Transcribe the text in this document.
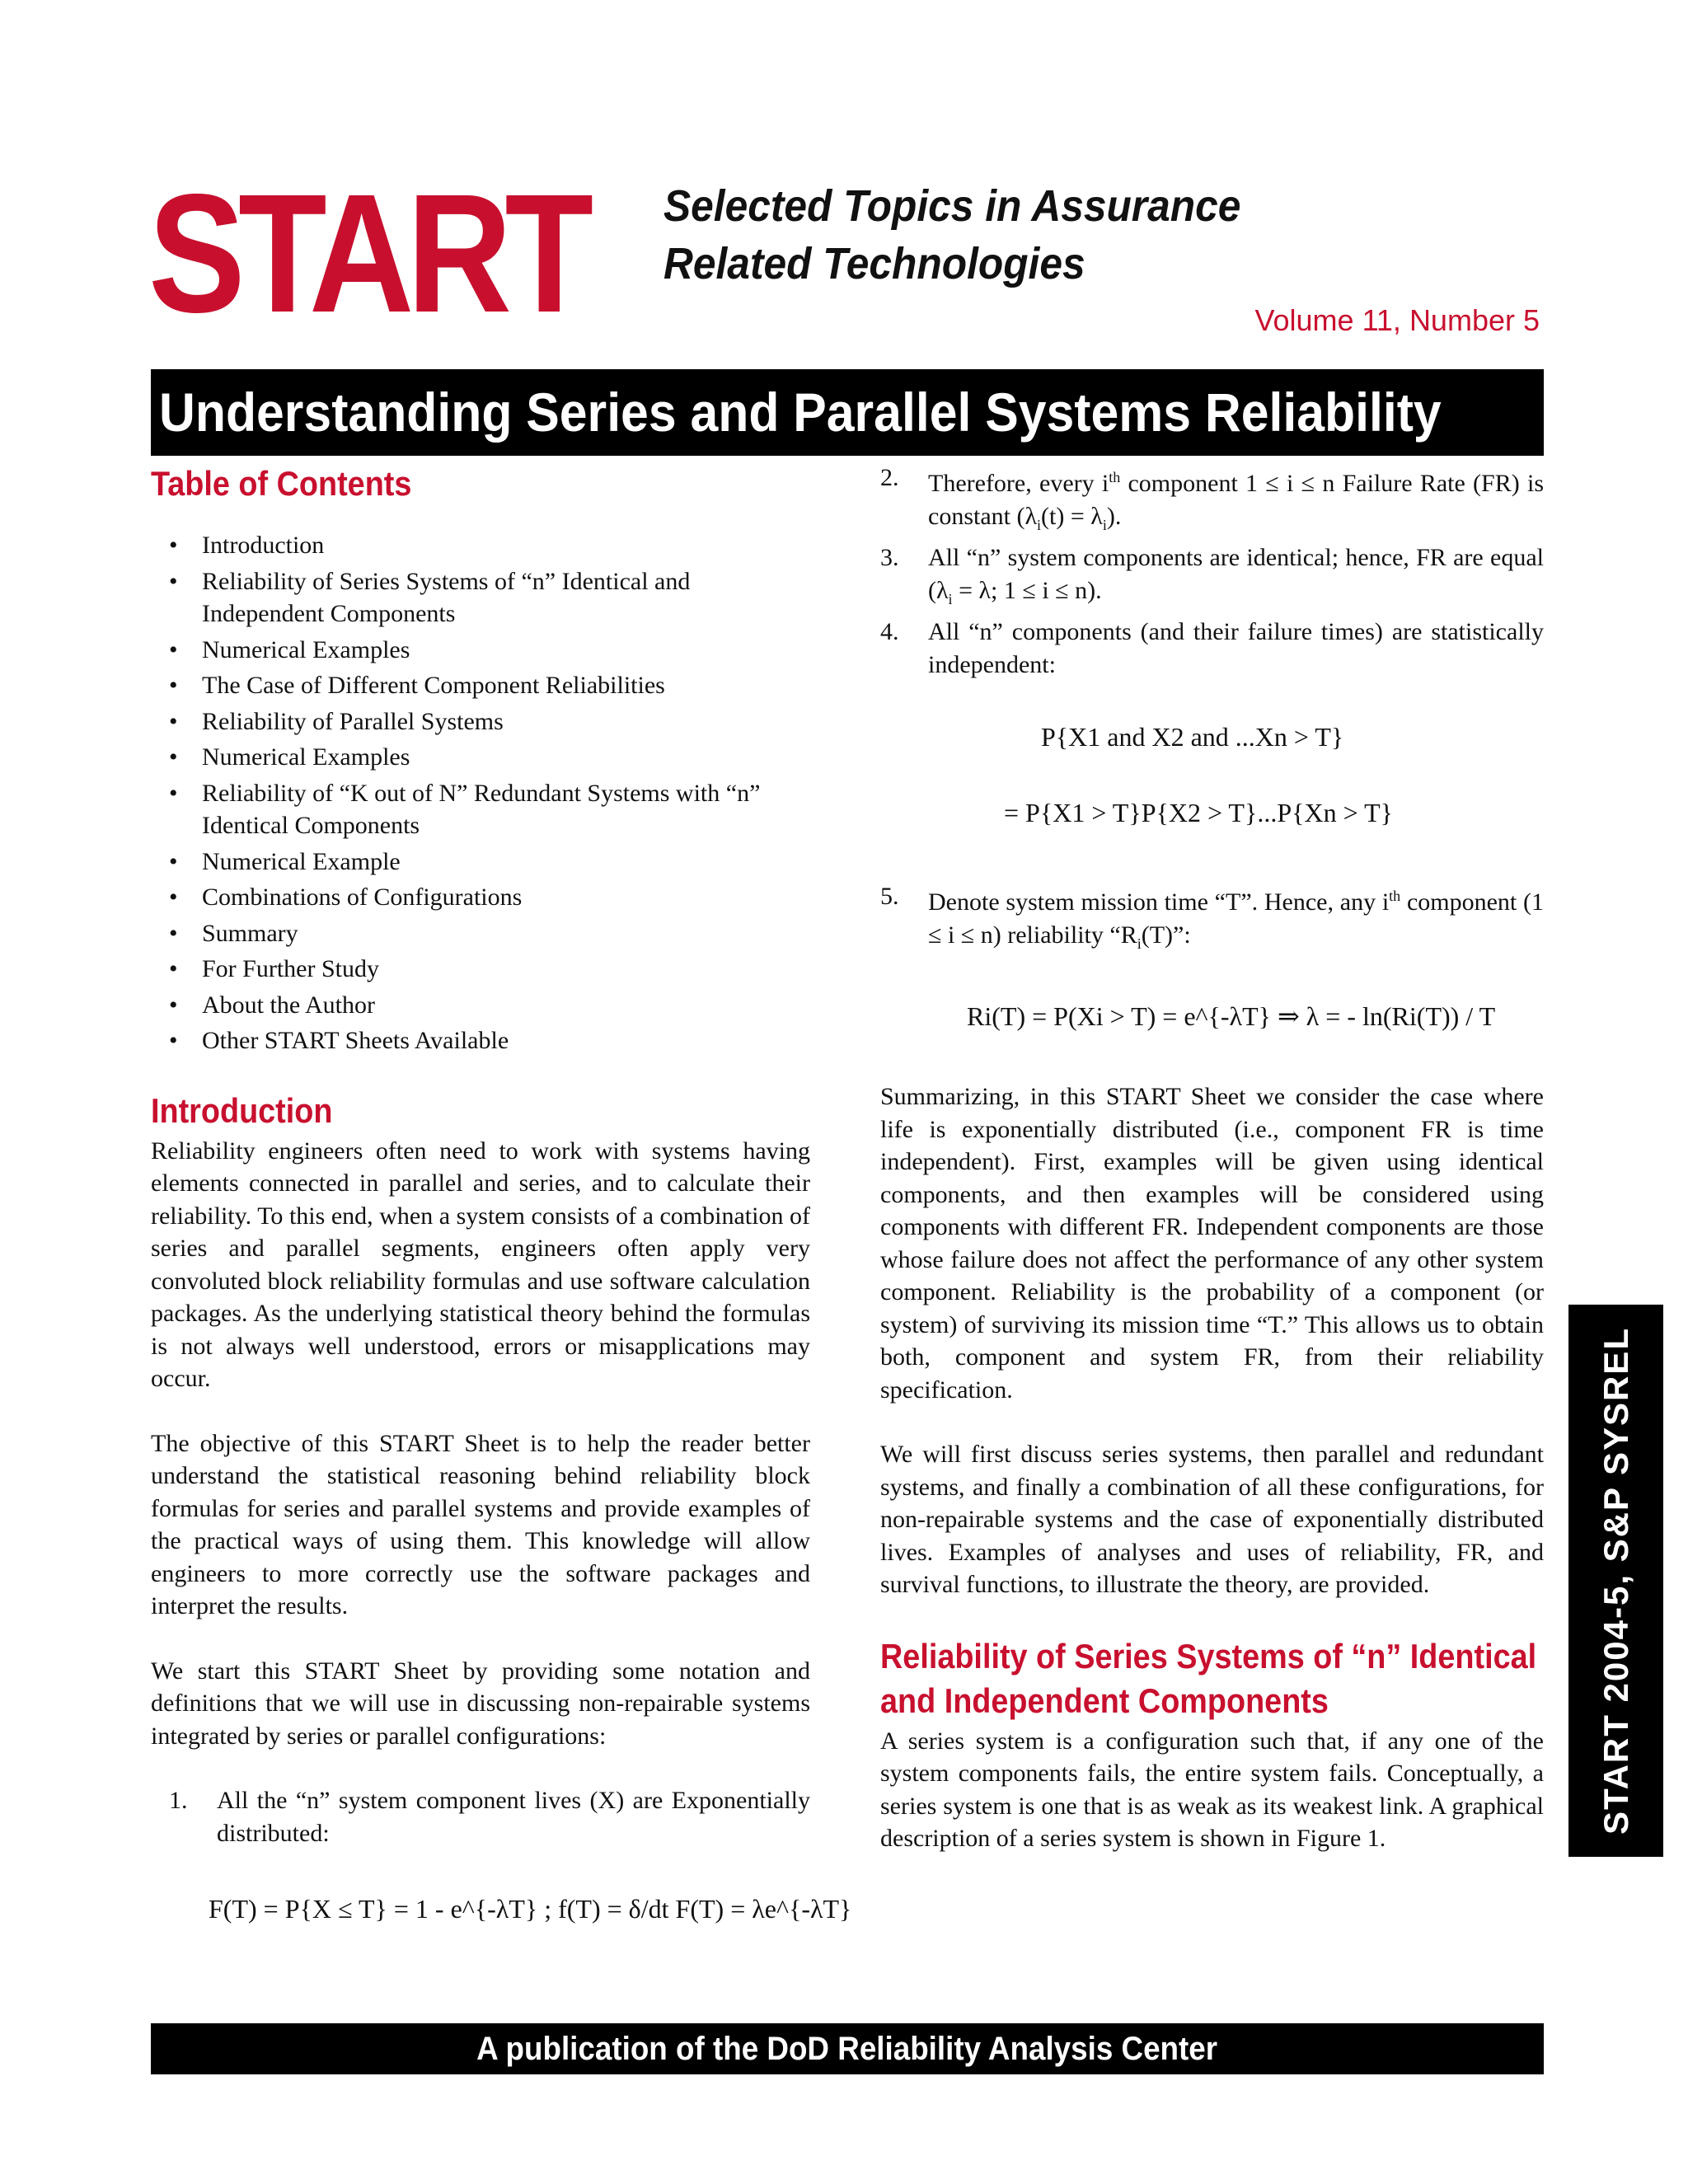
START Selected Topics in Assurance
Related Technologies
Volume 11, Number 5
Understanding Series and Parallel Systems Reliability
Table of Contents
• Introduction
• Reliability of Series Systems of “n” Identical and Independent Components
• Numerical Examples
• The Case of Different Component Reliabilities
• Reliability of Parallel Systems
• Numerical Examples
• Reliability of “K out of N” Redundant Systems with “n” Identical Components
• Numerical Example
• Combinations of Configurations
• Summary
• For Further Study
• About the Author
• Other START Sheets Available
Introduction

Reliability engineers often need to work with systems having elements connected in parallel and series, and to calculate their reliability. To this end, when a system consists of a combination of series and parallel segments, engineers often apply very convoluted block reliability formulas and use software calculation packages. As the underlying statistical theory behind the formulas is not always well understood, errors or misapplications may occur.

The objective of this START Sheet is to help the reader better understand the statistical reasoning behind reliability block formulas for series and parallel systems and provide examples of the practical ways of using them. This knowledge will allow engineers to more correctly use the software packages and interpret the results.

We start this START Sheet by providing some notation and definitions that we will use in discussing non-repairable systems integrated by series or parallel configurations:

1. All the “n” system component lives (X) are Exponentially distributed:
F(T) = P{X ≤ T} = 1 - e^{-λT} ; f(T) = δ/dt F(T) = λe^{-λT}
2. Therefore, every $i^{th}$ component 1 ≤ i ≤ n Failure Rate (FR) is constant $(\lambda_i(t) = \lambda_i)$.
3. All “n” system components are identical; hence, FR are equal ($\lambda_i = \lambda$; 1 ≤ i ≤ n).
4. All “n” components (and their failure times) are statistically independent:
P{X1 and X2 and ...Xn > T}
= P{X1 > T}P{X2 > T}...P{Xn > T}
5. Denote system mission time “T”. Hence, any $i^{th}$ component (1 ≤ i ≤ n) reliability “$R_i(T)$”:
Ri(T) = P(Xi > T) = e^{-λT} ⇒ λ = - ln(Ri(T)) / T

Summarizing, in this START Sheet we consider the case where life is exponentially distributed (i.e., component FR is time independent). First, examples will be given using identical components, and then examples will be considered using components with different FR. Independent components are those whose failure does not affect the performance of any other system component. Reliability is the probability of a component (or system) of surviving its mission time “T.” This allows us to obtain both, component and system FR, from their reliability specification.

We will first discuss series systems, then parallel and redundant systems, and finally a combination of all these configurations, for non-repairable systems and the case of exponentially distributed lives. Examples of analyses and uses of reliability, FR, and survival functions, to illustrate the theory, are provided.

Reliability of Series Systems of “n” Identical
and Independent Components

A series system is a configuration such that, if any one of the system components fails, the entire system fails. Conceptually, a series system is one that is as weak as its weakest link. A graphical description of a series system is shown in Figure 1.

START 2004-5, S&P SYSREL
A publication of the DoD Reliability Analysis Center
